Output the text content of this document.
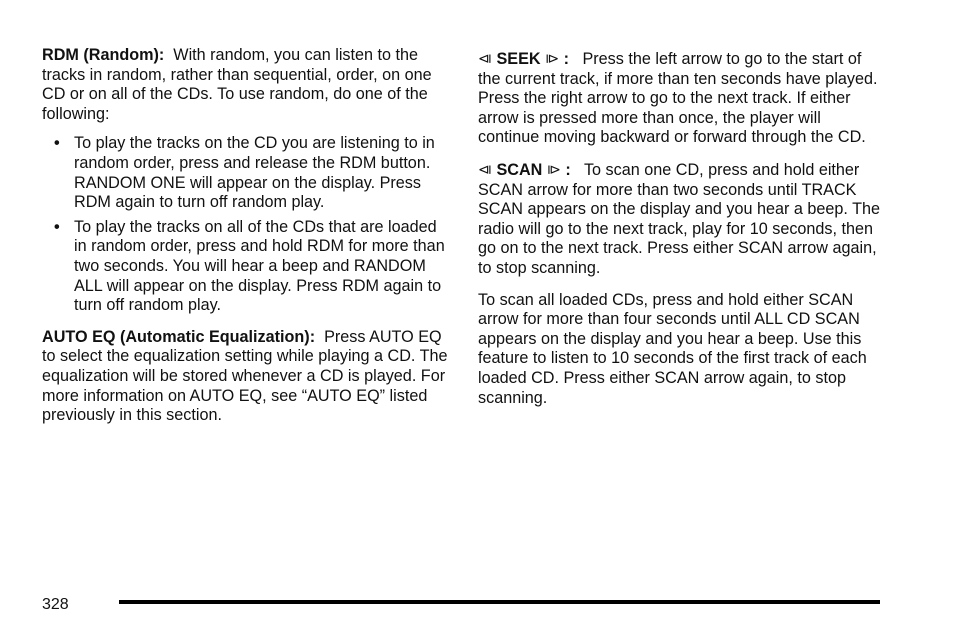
RDM (Random): With random, you can listen to the tracks in random, rather than sequential, order, on one CD or on all of the CDs. To use random, do one of the following:

• To play the tracks on the CD you are listening to in random order, press and release the RDM button. RANDOM ONE will appear on the display. Press RDM again to turn off random play.
• To play the tracks on all of the CDs that are loaded in random order, press and hold RDM for more than two seconds. You will hear a beep and RANDOM ALL will appear on the display. Press RDM again to turn off random play.

AUTO EQ (Automatic Equalization): Press AUTO EQ to select the equalization setting while playing a CD. The equalization will be stored whenever a CD is played. For more information on AUTO EQ, see “AUTO EQ” listed previously in this section.

⧏ SEEK ⧐ : Press the left arrow to go to the start of the current track, if more than ten seconds have played. Press the right arrow to go to the next track. If either arrow is pressed more than once, the player will continue moving backward or forward through the CD.

⧏ SCAN ⧐ : To scan one CD, press and hold either SCAN arrow for more than two seconds until TRACK SCAN appears on the display and you hear a beep. The radio will go to the next track, play for 10 seconds, then go on to the next track. Press either SCAN arrow again, to stop scanning.

To scan all loaded CDs, press and hold either SCAN arrow for more than four seconds until ALL CD SCAN appears on the display and you hear a beep. Use this feature to listen to 10 seconds of the first track of each loaded CD. Press either SCAN arrow again, to stop scanning.

328
